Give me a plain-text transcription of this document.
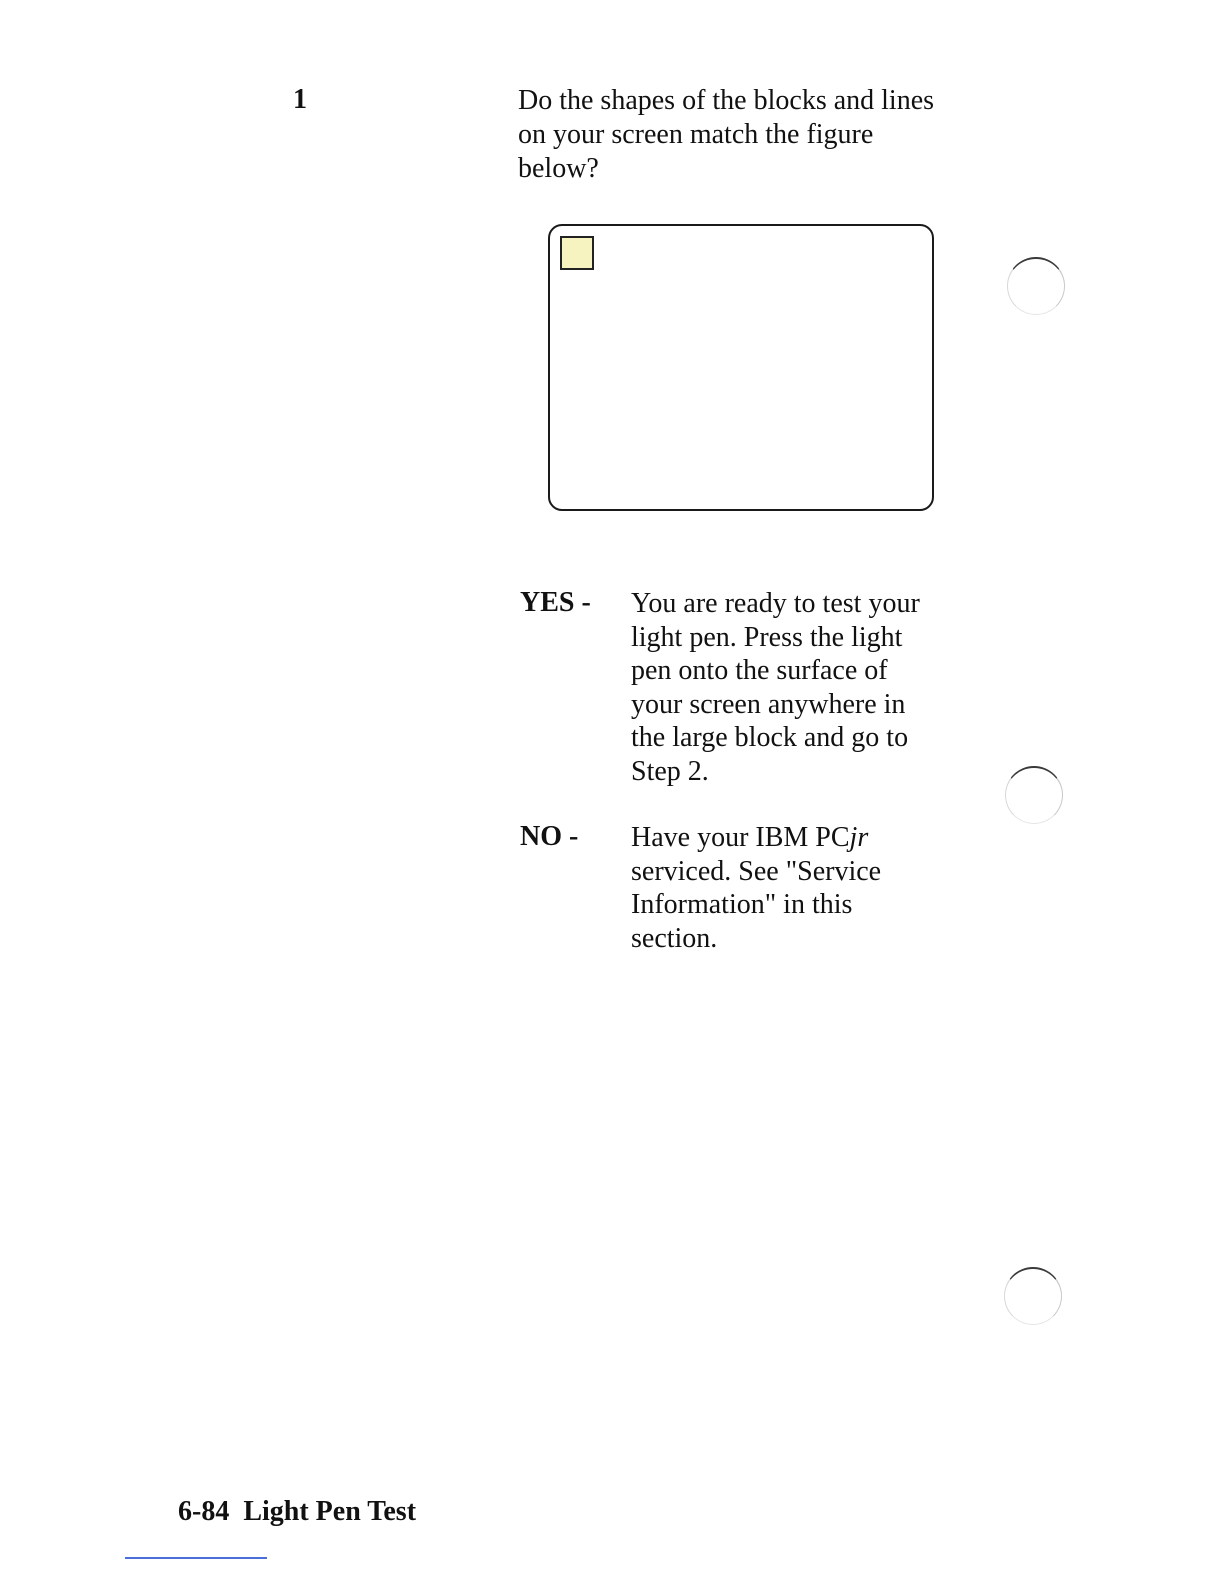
1	Do the shapes of the blocks and lines
on your screen match the figure
below?
YES - You are ready to test your
light pen. Press the light
pen onto the surface of
your screen anywhere in
the large block and go to
Step 2.
NO - Have your IBM PCjr
serviced. See "Service
Information" in this
section.
6-84 Light Pen Test
